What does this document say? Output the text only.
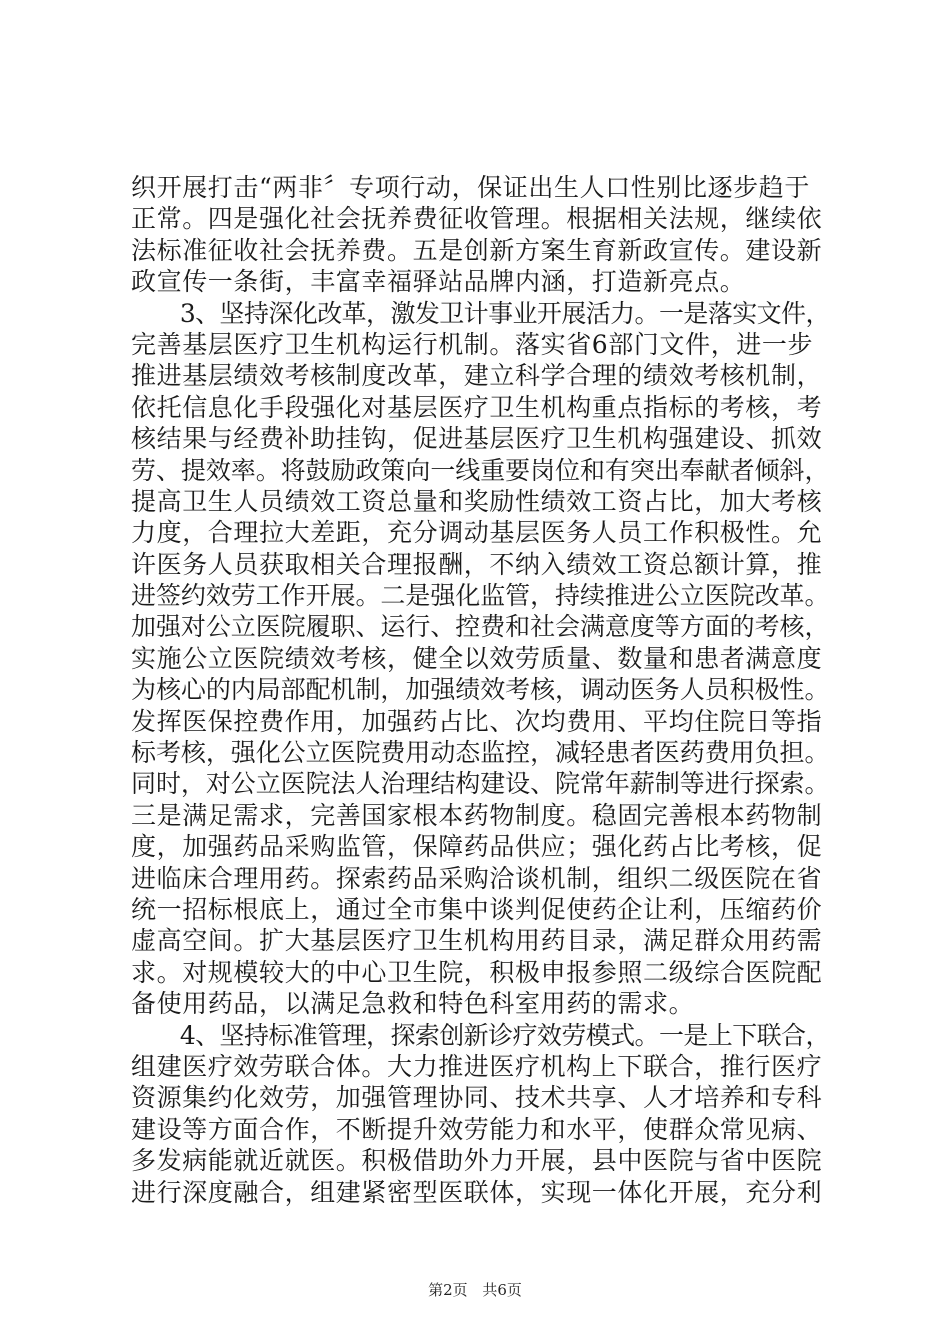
织开展打击“两非〞专项行动，保证出生人口性别比逐步趋于
正常。四是强化社会抚养费征收管理。根据相关法规，继续依
法标准征收社会抚养费。五是创新方案生育新政宣传。建设新
政宣传一条街，丰富幸福驿站品牌内涵，打造新亮点。
　　3、坚持深化改革，激发卫计事业开展活力。一是落实文件，
完善基层医疗卫生机构运行机制。落实省6部门文件，进一步
推进基层绩效考核制度改革，建立科学合理的绩效考核机制，
依托信息化手段强化对基层医疗卫生机构重点指标的考核，考
核结果与经费补助挂钩，促进基层医疗卫生机构强建设、抓效
劳、提效率。将鼓励政策向一线重要岗位和有突出奉献者倾斜，
提高卫生人员绩效工资总量和奖励性绩效工资占比，加大考核
力度，合理拉大差距，充分调动基层医务人员工作积极性。允
许医务人员获取相关合理报酬，不纳入绩效工资总额计算，推
进签约效劳工作开展。二是强化监管，持续推进公立医院改革。
加强对公立医院履职、运行、控费和社会满意度等方面的考核，
实施公立医院绩效考核，健全以效劳质量、数量和患者满意度
为核心的内局部配机制，加强绩效考核，调动医务人员积极性。
发挥医保控费作用，加强药占比、次均费用、平均住院日等指
标考核，强化公立医院费用动态监控，减轻患者医药费用负担。
同时，对公立医院法人治理结构建设、院常年薪制等进行探索。
三是满足需求，完善国家根本药物制度。稳固完善根本药物制
度，加强药品采购监管，保障药品供应；强化药占比考核，促
进临床合理用药。探索药品采购洽谈机制，组织二级医院在省
统一招标根底上，通过全市集中谈判促使药企让利，压缩药价
虚高空间。扩大基层医疗卫生机构用药目录，满足群众用药需
求。对规模较大的中心卫生院，积极申报参照二级综合医院配
备使用药品，以满足急救和特色科室用药的需求。
　　4、坚持标准管理，探索创新诊疗效劳模式。一是上下联合，
组建医疗效劳联合体。大力推进医疗机构上下联合，推行医疗
资源集约化效劳，加强管理协同、技术共享、人才培养和专科
建设等方面合作，不断提升效劳能力和水平，使群众常见病、
多发病能就近就医。积极借助外力开展，县中医院与省中医院
进行深度融合，组建紧密型医联体，实现一体化开展，充分利
第2页 共6页
